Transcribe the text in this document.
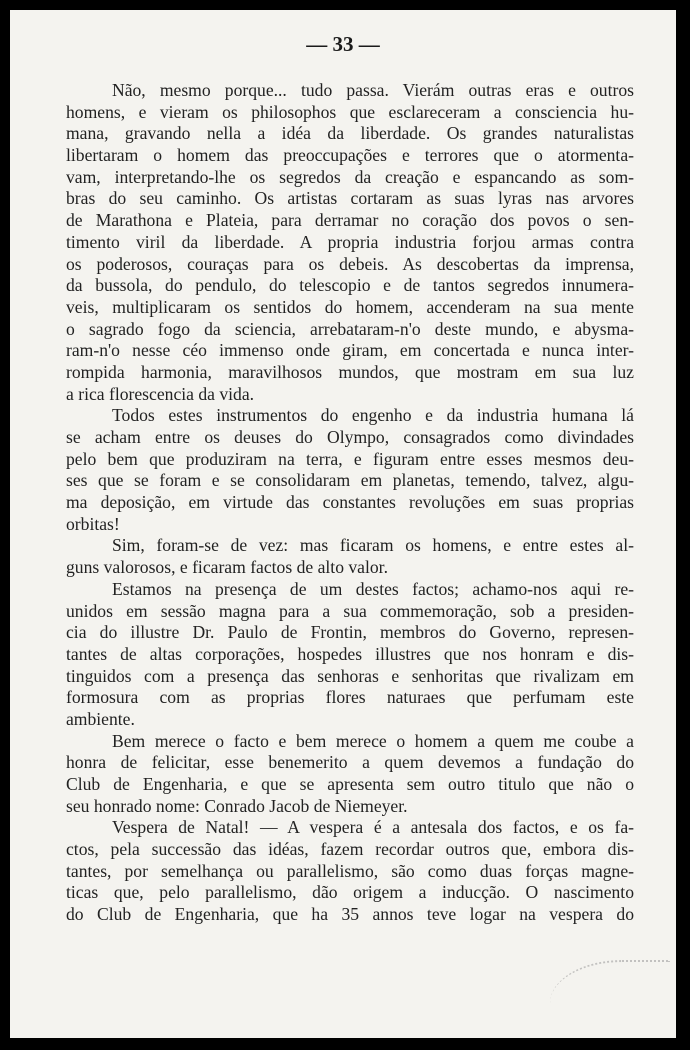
— 33 —
Não, mesmo porque... tudo passa. Vierám outras eras e outros
homens, e vieram os philosophos que esclareceram a consciencia hu-
mana, gravando nella a idéa da liberdade. Os grandes naturalistas
libertaram o homem das preoccupações e terrores que o atormenta-
vam, interpretando-lhe os segredos da creação e espancando as som-
bras do seu caminho. Os artistas cortaram as suas lyras nas arvores
de Marathona e Plateia, para derramar no coração dos povos o sen-
timento viril da liberdade. A propria industria forjou armas contra
os poderosos, couraças para os debeis. As descobertas da imprensa,
da bussola, do pendulo, do telescopio e de tantos segredos innumera-
veis, multiplicaram os sentidos do homem, accenderam na sua mente
o sagrado fogo da sciencia, arrebataram-n'o deste mundo, e abysma-
ram-n'o nesse céo immenso onde giram, em concertada e nunca inter-
rompida harmonia, maravilhosos mundos, que mostram em sua luz
a rica florescencia da vida.
Todos estes instrumentos do engenho e da industria humana lá
se acham entre os deuses do Olympo, consagrados como divindades
pelo bem que produziram na terra, e figuram entre esses mesmos deu-
ses que se foram e se consolidaram em planetas, temendo, talvez, algu-
ma deposição, em virtude das constantes revoluções em suas proprias
orbitas!
Sim, foram-se de vez: mas ficaram os homens, e entre estes al-
guns valorosos, e ficaram factos de alto valor.
Estamos na presença de um destes factos; achamo-nos aqui re-
unidos em sessão magna para a sua commemoração, sob a presiden-
cia do illustre Dr. Paulo de Frontin, membros do Governo, represen-
tantes de altas corporações, hospedes illustres que nos honram e dis-
tinguidos com a presença das senhoras e senhoritas que rivalizam em
formosura com as proprias flores naturaes que perfumam este
ambiente.
Bem merece o facto e bem merece o homem a quem me coube a
honra de felicitar, esse benemerito a quem devemos a fundação do
Club de Engenharia, e que se apresenta sem outro titulo que não o
seu honrado nome: Conrado Jacob de Niemeyer.
Vespera de Natal! — A vespera é a antesala dos factos, e os fa-
ctos, pela successão das idéas, fazem recordar outros que, embora dis-
tantes, por semelhança ou parallelismo, são como duas forças magne-
ticas que, pelo parallelismo, dão origem a inducção. O nascimento
do Club de Engenharia, que ha 35 annos teve logar na vespera do
